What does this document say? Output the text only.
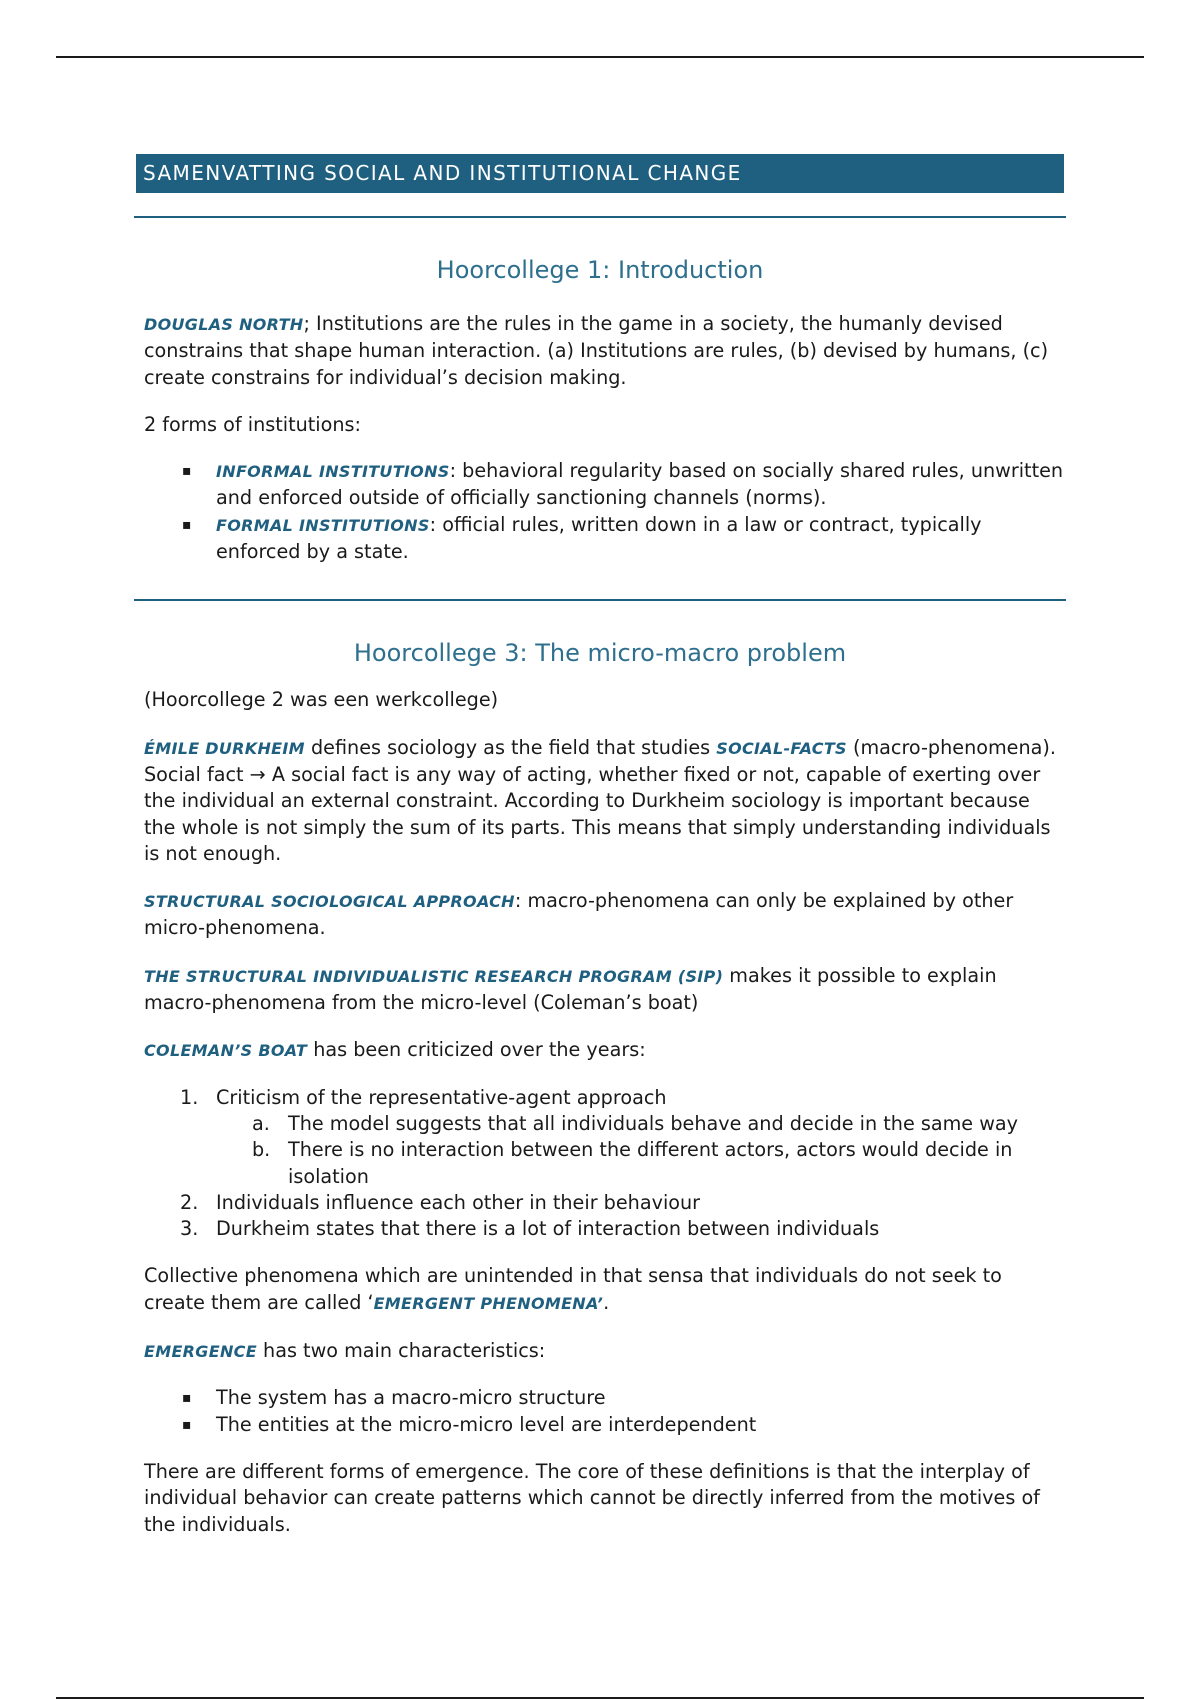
SAMENVATTING SOCIAL AND INSTITUTIONAL CHANGE
Hoorcollege 1: Introduction

DOUGLAS NORTH; Institutions are the rules in the game in a society, the humanly devised constrains that shape human interaction. (a) Institutions are rules, (b) devised by humans, (c) create constrains for individual’s decision making.

2 forms of institutions:

▪ INFORMAL INSTITUTIONS: behavioral regularity based on socially shared rules, unwritten and enforced outside of officially sanctioning channels (norms).
▪ FORMAL INSTITUTIONS: official rules, written down in a law or contract, typically enforced by a state.
Hoorcollege 3: The micro-macro problem

(Hoorcollege 2 was een werkcollege)

ÉMILE DURKHEIM defines sociology as the field that studies SOCIAL-FACTS (macro-phenomena). Social fact → A social fact is any way of acting, whether fixed or not, capable of exerting over the individual an external constraint. According to Durkheim sociology is important because the whole is not simply the sum of its parts. This means that simply understanding individuals is not enough.

STRUCTURAL SOCIOLOGICAL APPROACH: macro-phenomena can only be explained by other micro-phenomena.

THE STRUCTURAL INDIVIDUALISTIC RESEARCH PROGRAM (SIP) makes it possible to explain macro-phenomena from the micro-level (Coleman’s boat)

COLEMAN’S BOAT has been criticized over the years:

1. Criticism of the representative-agent approach
a. The model suggests that all individuals behave and decide in the same way
b. There is no interaction between the different actors, actors would decide in isolation
2. Individuals influence each other in their behaviour
3. Durkheim states that there is a lot of interaction between individuals

Collective phenomena which are unintended in that sensa that individuals do not seek to create them are called ‘EMERGENT PHENOMENA’.

EMERGENCE has two main characteristics:

▪ The system has a macro-micro structure
▪ The entities at the micro-micro level are interdependent

There are different forms of emergence. The core of these definitions is that the interplay of individual behavior can create patterns which cannot be directly inferred from the motives of the individuals.
